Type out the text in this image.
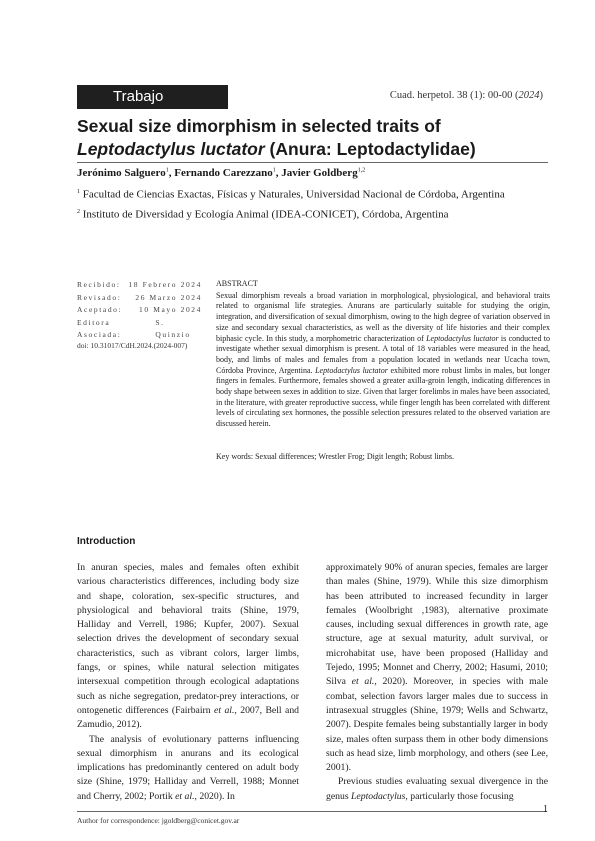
Trabajo	Cuad. herpetol. 38 (1): 00-00 (2024)
Sexual size dimorphism in selected traits of Leptodactylus luctator (Anura: Leptodactylidae)
Jerónimo Salguero$^1$, Fernando Carezzano$^1$, Javier Goldberg$^{1,2}$
$^1$ Facultad de Ciencias Exactas, Físicas y Naturales, Universidad Nacional de Córdoba, Argentina
$^2$ Instituto de Diversidad y Ecología Animal (IDEA-CONICET), Córdoba, Argentina
Recibido: 18 Febrero 2024
Revisado: 26 Marzo 2024
Aceptado: 10 Mayo 2024
Editora Asociada:
S. Quinzio
doi: 10.31017/CdH.2024.(2024-007)
ABSTRACT

Sexual dimorphism reveals a broad variation in morphological, physiological, and behavioral traits related to organismal life strategies. Anurans are particularly suitable for studying the origin, integration, and diversification of sexual dimorphism, owing to the high degree of variation observed in size and secondary sexual characteristics, as well as the diversity of life histories and their complex biphasic cycle. In this study, a morphometric characterization of Leptodactylus luctator is conducted to investigate whether sexual dimorphism is present. A total of 18 variables were measured in the head, body, and limbs of males and females from a population located in wetlands near Ucacha town, Córdoba Province, Argentina. Leptodactylus luctator exhibited more robust limbs in males, but longer fingers in females. Furthermore, females showed a greater axilla-groin length, indicating differences in body shape between sexes in addition to size. Given that larger forelimbs in males have been associated, in the literature, with greater reproductive success, while finger length has been correlated with different levels of circulating sex hormones, the possible selection pressures related to the observed variation are discussed herein.

Key words: Sexual differences; Wrestler Frog; Digit length; Robust limbs.
Introduction

In anuran species, males and females often exhibit various characteristics differences, including body size and shape, coloration, sex-specific structures, and physiological and behavioral traits (Shine, 1979, Halliday and Verrell, 1986; Kupfer, 2007). Sexual selection drives the development of secondary sexual characteristics, such as vibrant colors, larger limbs, fangs, or spines, while natural selection mitigates intersexual competition through ecological adaptations such as niche segregation, predator-prey interactions, or ontogenetic differences (Fairbairn et al., 2007, Bell and Zamudio, 2012).

The analysis of evolutionary patterns influencing sexual dimorphism in anurans and its ecological implications has predominantly centered on adult body size (Shine, 1979; Halliday and Verrell, 1988; Monnet and Cherry, 2002; Portik et al., 2020). In

approximately 90% of anuran species, females are larger than males (Shine, 1979). While this size dimorphism has been attributed to increased fecundity in larger females (Woolbright ,1983), alternative proximate causes, including sexual differences in growth rate, age structure, age at sexual maturity, adult survival, or microhabitat use, have been proposed (Halliday and Tejedo, 1995; Monnet and Cherry, 2002; Hasumi, 2010; Silva et al., 2020). Moreover, in species with male combat, selection favors larger males due to success in intrasexual struggles (Shine, 1979; Wells and Schwartz, 2007). Despite females being substantially larger in body size, males often surpass them in other body dimensions such as head size, limb morphology, and others (see Lee, 2001).

Previous studies evaluating sexual divergence in the genus Leptodactylus, particularly those focusing

Author for correspondence: jgoldberg@conicet.gov.ar
1
